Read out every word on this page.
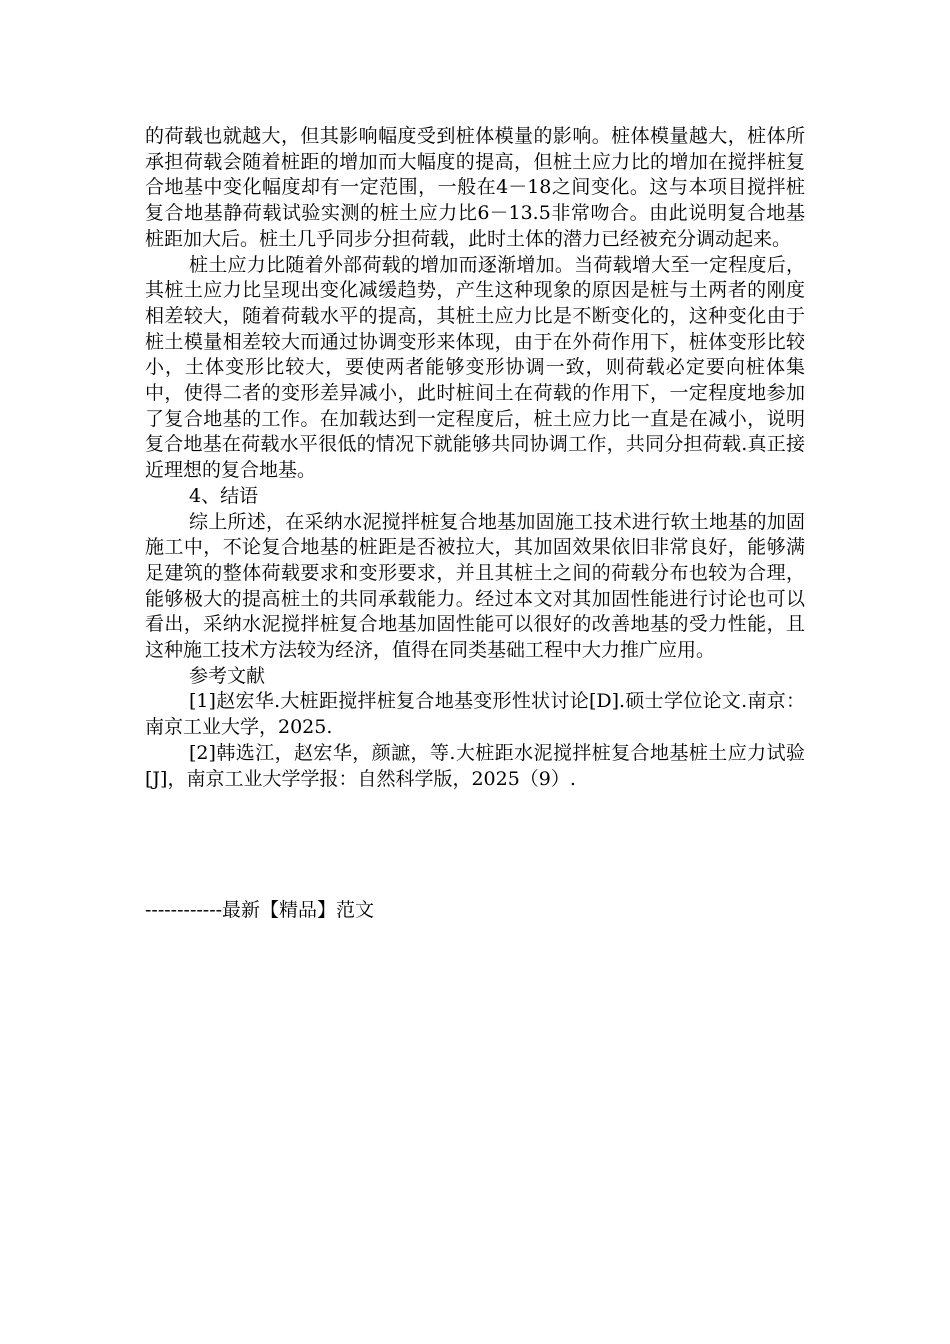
的荷载也就越大，但其影响幅度受到桩体模量的影响。桩体模量越大，桩体所承担荷载会随着桩距的增加而大幅度的提高，但桩土应力比的增加在搅拌桩复合地基中变化幅度却有一定范围，一般在4－18之间变化。这与本项目搅拌桩复合地基静荷载试验实测的桩土应力比6－13.5非常吻合。由此说明复合地基桩距加大后。桩土几乎同步分担荷载，此时土体的潜力已经被充分调动起来。

桩土应力比随着外部荷载的增加而逐渐增加。当荷载增大至一定程度后，其桩土应力比呈现出变化减缓趋势，产生这种现象的原因是桩与土两者的刚度相差较大，随着荷载水平的提高，其桩土应力比是不断变化的，这种变化由于桩土模量相差较大而通过协调变形来体现，由于在外荷作用下，桩体变形比较小，土体变形比较大，要使两者能够变形协调一致，则荷载必定要向桩体集中，使得二者的变形差异减小，此时桩间土在荷载的作用下，一定程度地参加了复合地基的工作。在加载达到一定程度后，桩土应力比一直是在减小，说明复合地基在荷载水平很低的情况下就能够共同协调工作，共同分担荷载.真正接近理想的复合地基。

4、结语

综上所述，在采纳水泥搅拌桩复合地基加固施工技术进行软土地基的加固施工中，不论复合地基的桩距是否被拉大，其加固效果依旧非常良好，能够满足建筑的整体荷载要求和变形要求，并且其桩土之间的荷载分布也较为合理，能够极大的提高桩土的共同承载能力。经过本文对其加固性能进行讨论也可以看出，采纳水泥搅拌桩复合地基加固性能可以很好的改善地基的受力性能，且这种施工技术方法较为经济，值得在同类基础工程中大力推广应用。

参考文献

[1]赵宏华.大桩距搅拌桩复合地基变形性状讨论[D].硕士学位论文.南京：南京工业大学，2025.

[2]韩选江，赵宏华，颜謶，等.大桩距水泥搅拌桩复合地基桩土应力试验[J]，南京工业大学学报：自然科学版，2025（9）.

------------最新【精品】范文
